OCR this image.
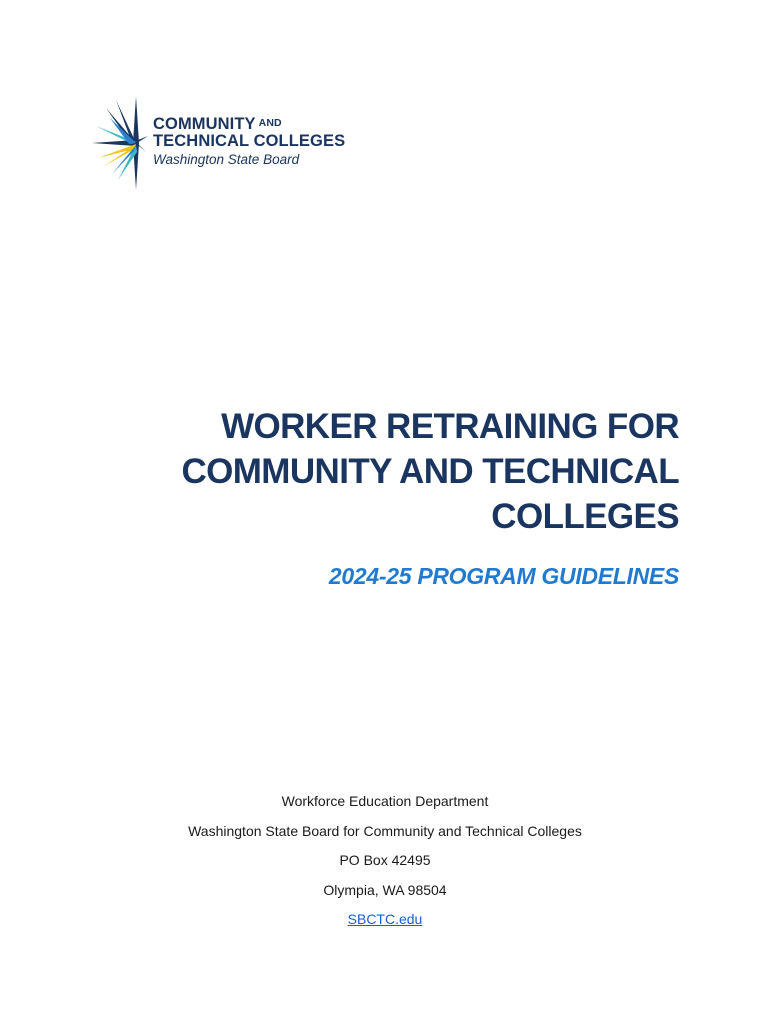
COMMUNITY AND
TECHNICAL COLLEGES
Washington State Board
WORKER RETRAINING FOR
COMMUNITY AND TECHNICAL
COLLEGES

2024-25 PROGRAM GUIDELINES

Workforce Education Department
Washington State Board for Community and Technical Colleges
PO Box 42495
Olympia, WA 98504
SBCTC.edu
